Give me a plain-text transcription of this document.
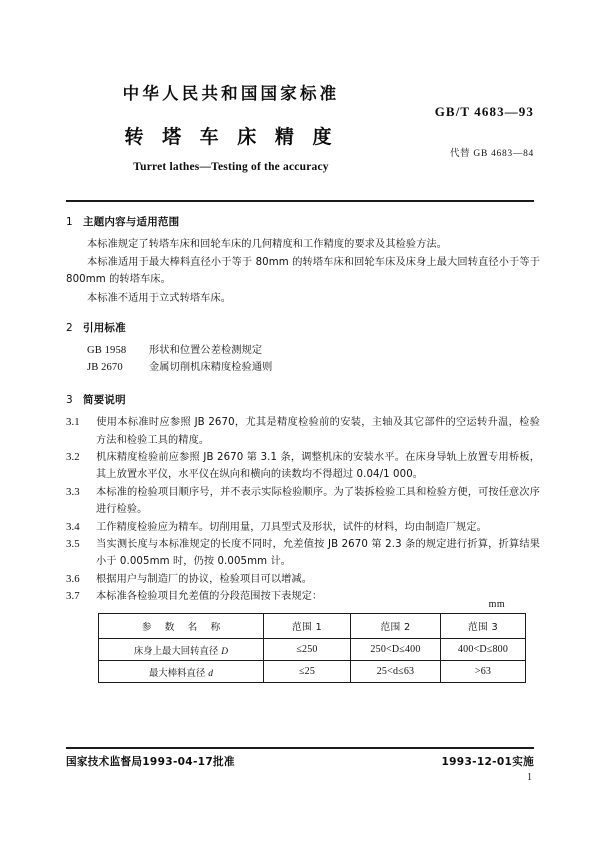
中华人民共和国国家标准
转 塔 车 床 精 度
Turret lathes—Testing of the accuracy
GB/T 4683—93
代替 GB 4683—84
1 主题内容与适用范围

本标准规定了转塔车床和回轮车床的几何精度和工作精度的要求及其检验方法。

本标准适用于最大棒料直径小于等于 80mm 的转塔车床和回轮车床及床身上最大回转直径小于等于 800mm 的转塔车床。

本标准不适用于立式转塔车床。

2 引用标准

GB 1958 形状和位置公差检测规定

JB 2670	金属切削机床精度检验通则

3 简要说明

3.1 使用本标准时应参照 JB 2670，尤其是精度检验前的安装，主轴及其它部件的空运转升温，检验方法和检验工具的精度。

3.2 机床精度检验前应参照 JB 2670 第 3.1 条，调整机床的安装水平。在床身导轨上放置专用桥板，其上放置水平仪，水平仪在纵向和横向的读数均不得超过 0.04/1 000。

3.3 本标准的检验项目顺序号，并不表示实际检验顺序。为了装拆检验工具和检验方便，可按任意次序进行检验。

3.4 工作精度检验应为精车。切削用量，刀具型式及形状，试件的材料，均由制造厂规定。

3.5 当实测长度与本标准规定的长度不同时，允差值按 JB 2670 第 2.3 条的规定进行折算，折算结果小于 0.005mm 时，仍按 0.005mm 计。

3.6 根据用户与制造厂的协议，检验项目可以增减。

3.7 本标准各检验项目允差值的分段范围按下表规定：

mm
参 数 名 称	范围 1	范围 2	范围 3
床身上最大回转直径 D	≤250	250<D≤400	400<D≤800
最大棒料直径 d	≤25	25<d≤63	>63
国家技术监督局1993-04-17批准	1993-12-01实施
1
